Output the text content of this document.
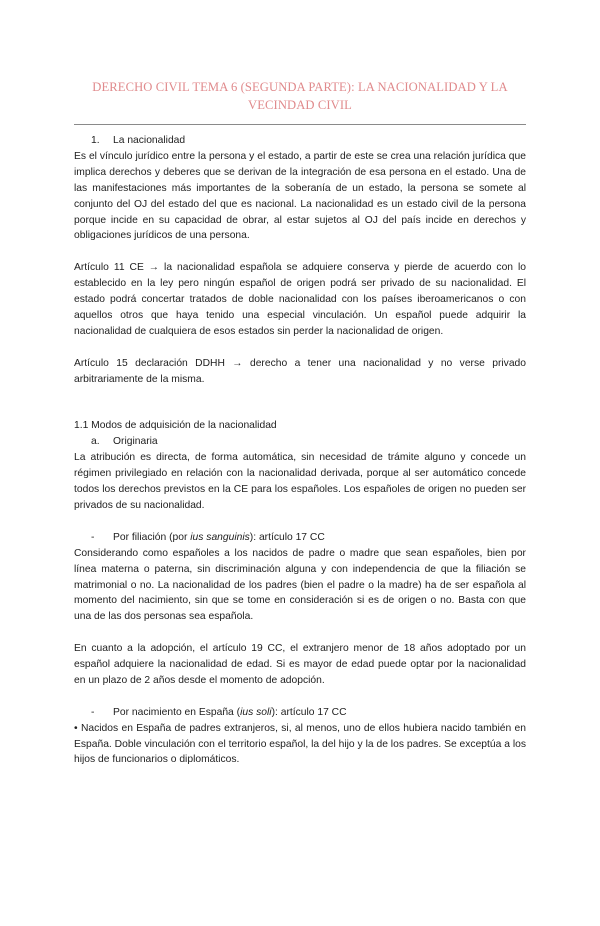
DERECHO CIVIL TEMA 6 (SEGUNDA PARTE): LA NACIONALIDAD Y LA VECINDAD CIVIL

1. La nacionalidad

Es el vínculo jurídico entre la persona y el estado, a partir de este se crea una relación jurídica que implica derechos y deberes que se derivan de la integración de esa persona en el estado. Una de las manifestaciones más importantes de la soberanía de un estado, la persona se somete al conjunto del OJ del estado del que es nacional. La nacionalidad es un estado civil de la persona porque incide en su capacidad de obrar, al estar sujetos al OJ del país incide en derechos y obligaciones jurídicos de una persona.

Artículo 11 CE → la nacionalidad española se adquiere conserva y pierde de acuerdo con lo establecido en la ley pero ningún español de origen podrá ser privado de su nacionalidad. El estado podrá concertar tratados de doble nacionalidad con los países iberoamericanos o con aquellos otros que haya tenido una especial vinculación. Un español puede adquirir la nacionalidad de cualquiera de esos estados sin perder la nacionalidad de origen.

Artículo 15 declaración DDHH → derecho a tener una nacionalidad y no verse privado arbitrariamente de la misma.

1.1 Modos de adquisición de la nacionalidad

a. Originaria

La atribución es directa, de forma automática, sin necesidad de trámite alguno y concede un régimen privilegiado en relación con la nacionalidad derivada, porque al ser automático concede todos los derechos previstos en la CE para los españoles. Los españoles de origen no pueden ser privados de su nacionalidad.

- Por filiación (por ius sanguinis): artículo 17 CC

Considerando como españoles a los nacidos de padre o madre que sean españoles, bien por línea materna o paterna, sin discriminación alguna y con independencia de que la filiación se matrimonial o no. La nacionalidad de los padres (bien el padre o la madre) ha de ser española al momento del nacimiento, sin que se tome en consideración si es de origen o no. Basta con que una de las dos personas sea española.

En cuanto a la adopción, el artículo 19 CC, el extranjero menor de 18 años adoptado por un español adquiere la nacionalidad de edad. Si es mayor de edad puede optar por la nacionalidad en un plazo de 2 años desde el momento de adopción.

- Por nacimiento en España (ius soli): artículo 17 CC

• Nacidos en España de padres extranjeros, si, al menos, uno de ellos hubiera nacido también en España. Doble vinculación con el territorio español, la del hijo y la de los padres. Se exceptúa a los hijos de funcionarios o diplomáticos.
